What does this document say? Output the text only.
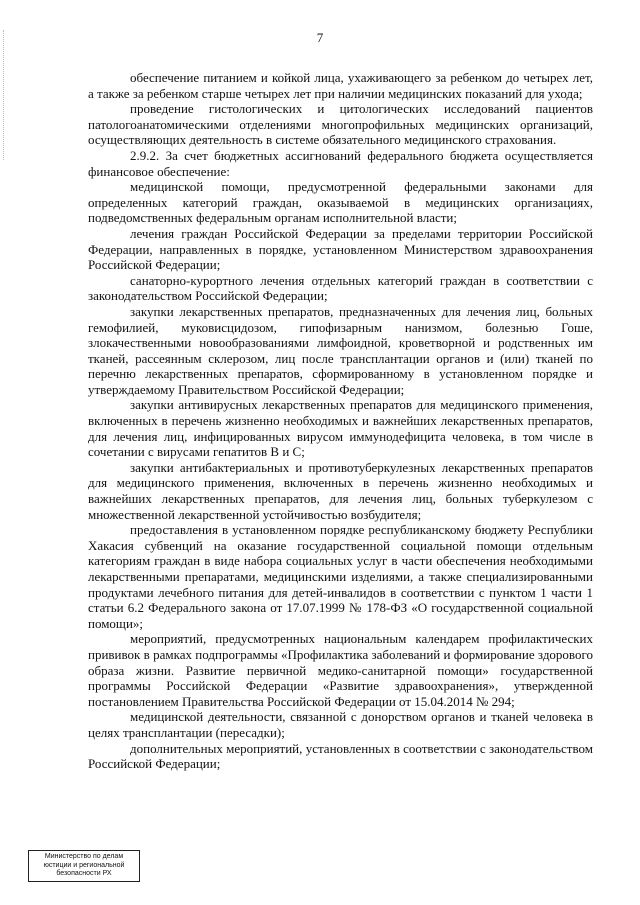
7

обеспечение питанием и койкой лица, ухаживающего за ребенком до четырех лет, а также за ребенком старше четырех лет при наличии медицинских показаний для ухода;

проведение гистологических и цитологических исследований пациентов патологоанатомическими отделениями многопрофильных медицинских организаций, осуществляющих деятельность в системе обязательного медицинского страхования.

2.9.2. За счет бюджетных ассигнований федерального бюджета осуществляется финансовое обеспечение:

медицинской помощи, предусмотренной федеральными законами для определенных категорий граждан, оказываемой в медицинских организациях, подведомственных федеральным органам исполнительной власти;

лечения граждан Российской Федерации за пределами территории Российской Федерации, направленных в порядке, установленном Министерством здравоохранения Российской Федерации;

санаторно-курортного лечения отдельных категорий граждан в соответствии с законодательством Российской Федерации;

закупки лекарственных препаратов, предназначенных для лечения лиц, больных гемофилией, муковисцидозом, гипофизарным нанизмом, болезнью Гоше, злокачественными новообразованиями лимфоидной, кроветворной и родственных им тканей, рассеянным склерозом, лиц после трансплантации органов и (или) тканей по перечню лекарственных препаратов, сформированному в установленном порядке и утверждаемому Правительством Российской Федерации;

закупки антивирусных лекарственных препаратов для медицинского применения, включенных в перечень жизненно необходимых и важнейших лекарственных препаратов, для лечения лиц, инфицированных вирусом иммунодефицита человека, в том числе в сочетании с вирусами гепатитов В и С;

закупки антибактериальных и противотуберкулезных лекарственных препаратов для медицинского применения, включенных в перечень жизненно необходимых и важнейших лекарственных препаратов, для лечения лиц, больных туберкулезом с множественной лекарственной устойчивостью возбудителя;

предоставления в установленном порядке республиканскому бюджету Республики Хакасия субвенций на оказание государственной социальной помощи отдельным категориям граждан в виде набора социальных услуг в части обеспечения необходимыми лекарственными препаратами, медицинскими изделиями, а также специализированными продуктами лечебного питания для детей-инвалидов в соответствии с пунктом 1 части 1 статьи 6.2 Федерального закона от 17.07.1999 № 178-ФЗ «О государственной социальной помощи»;

мероприятий, предусмотренных национальным календарем профилактических прививок в рамках подпрограммы «Профилактика заболеваний и формирование здорового образа жизни. Развитие первичной медико-санитарной помощи» государственной программы Российской Федерации «Развитие здравоохранения», утвержденной постановлением Правительства Российской Федерации от 15.04.2014 № 294;

медицинской деятельности, связанной с донорством органов и тканей человека в целях трансплантации (пересадки);

дополнительных мероприятий, установленных в соответствии с законодательством Российской Федерации;

Министерство по делам
юстиции и региональной
безопасности РХ
